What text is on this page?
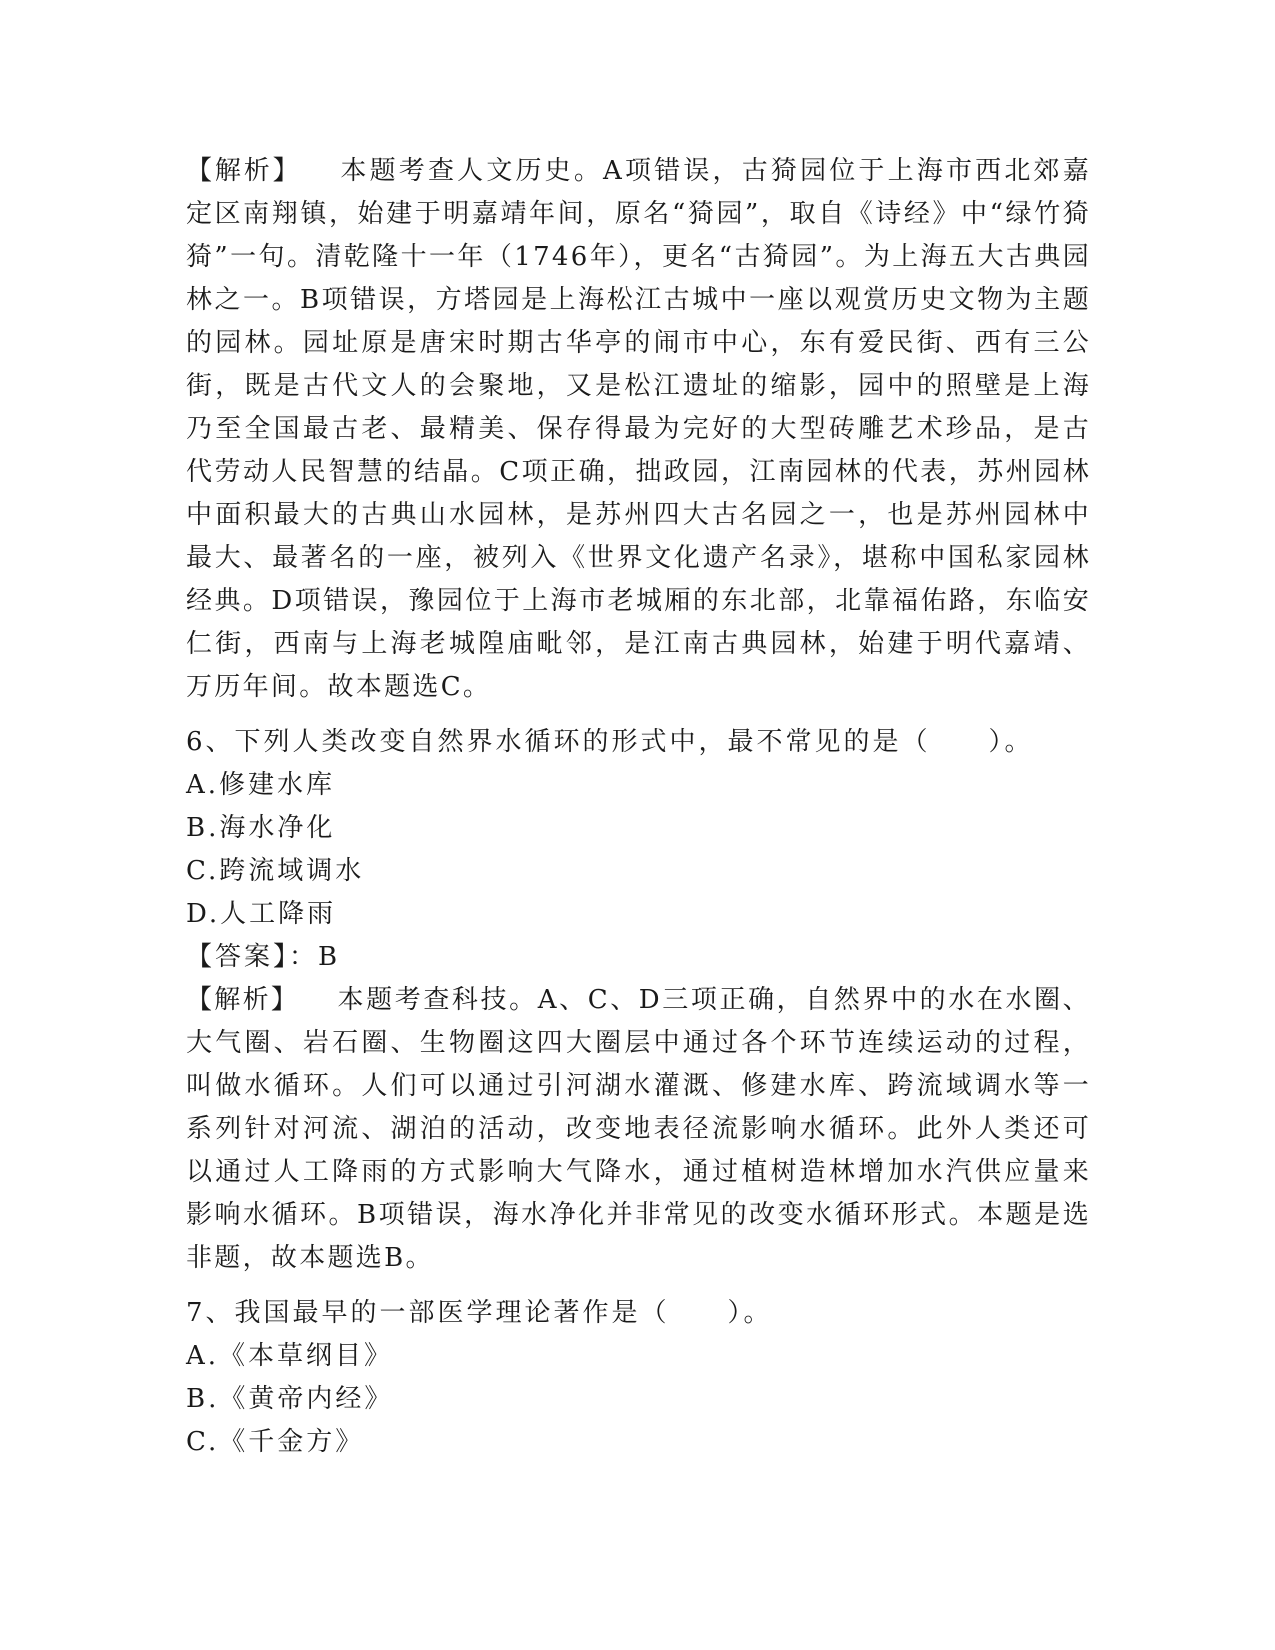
【解析】 本题考查人文历史。A项错误，古猗园位于上海市西北郊嘉定区南翔镇，始建于明嘉靖年间，原名“猗园”，取自《诗经》中“绿竹猗猗”一句。清乾隆十一年（1746年），更名“古猗园”。为上海五大古典园林之一。B项错误，方塔园是上海松江古城中一座以观赏历史文物为主题的园林。园址原是唐宋时期古华亭的闹市中心，东有爱民街、西有三公街，既是古代文人的会聚地，又是松江遗址的缩影，园中的照壁是上海乃至全国最古老、最精美、保存得最为完好的大型砖雕艺术珍品，是古代劳动人民智慧的结晶。C项正确，拙政园，江南园林的代表，苏州园林中面积最大的古典山水园林，是苏州四大古名园之一，也是苏州园林中最大、最著名的一座，被列入《世界文化遗产名录》，堪称中国私家园林经典。D项错误，豫园位于上海市老城厢的东北部，北靠福佑路，东临安仁街，西南与上海老城隍庙毗邻，是江南古典园林，始建于明代嘉靖、万历年间。故本题选C。

6、下列人类改变自然界水循环的形式中，最不常见的是（　　）。

A.修建水库

B.海水净化

C.跨流域调水

D.人工降雨

【答案】：B

【解析】 本题考查科技。A、C、D三项正确，自然界中的水在水圈、大气圈、岩石圈、生物圈这四大圈层中通过各个环节连续运动的过程，叫做水循环。人们可以通过引河湖水灌溉、修建水库、跨流域调水等一系列针对河流、湖泊的活动，改变地表径流影响水循环。此外人类还可以通过人工降雨的方式影响大气降水，通过植树造林增加水汽供应量来影响水循环。B项错误，海水净化并非常见的改变水循环形式。本题是选非题，故本题选B。

7、我国最早的一部医学理论著作是（　　）。

A.《本草纲目》

B.《黄帝内经》

C.《千金方》
